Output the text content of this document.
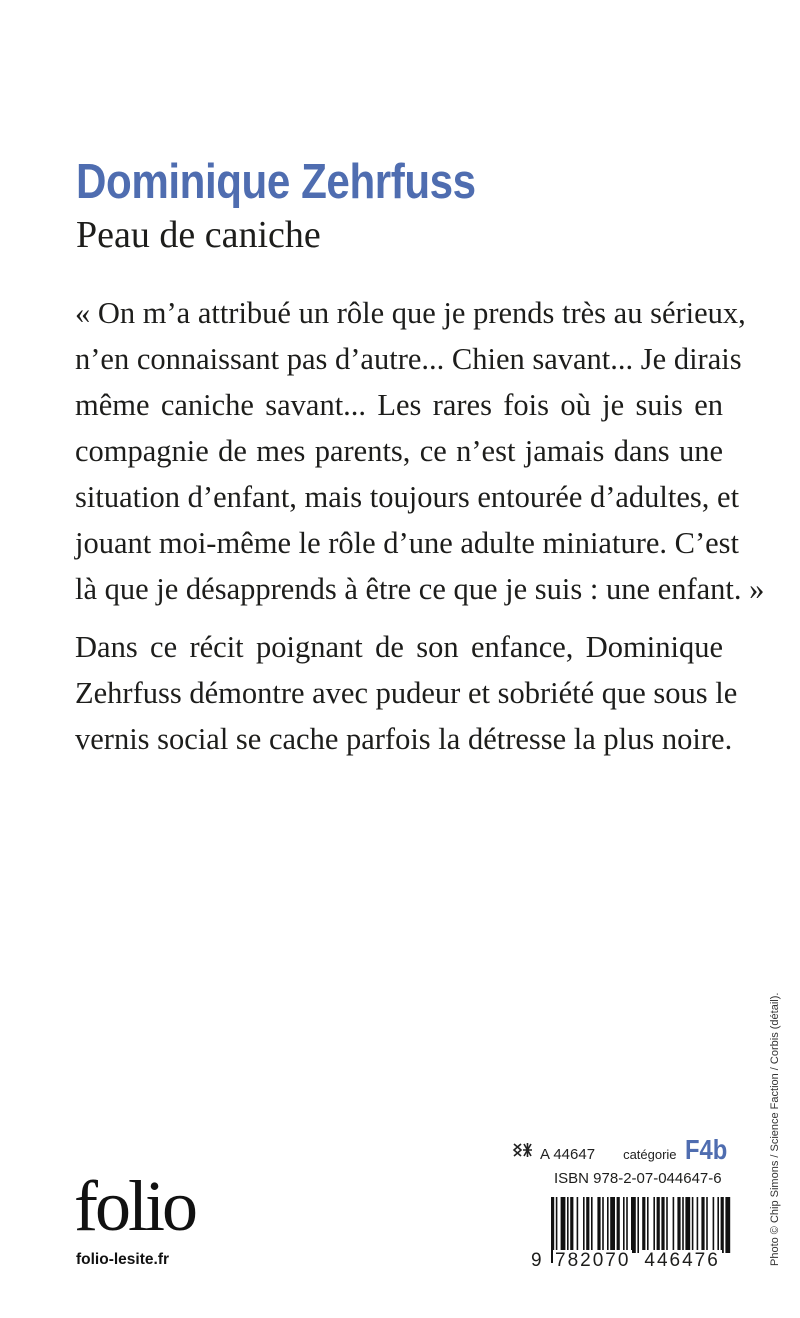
Dominique Zehrfuss
Peau de caniche
« On m’a attribué un rôle que je prends très au sérieux,
n’en connaissant pas d’autre... Chien savant... Je dirais
même caniche savant... Les rares fois où je suis en
compagnie de mes parents, ce n’est jamais dans une
situation d’enfant, mais toujours entourée d’adultes, et
jouant moi-même le rôle d’une adulte miniature. C’est
là que je désapprends à être ce que je suis : une enfant. »
Dans ce récit poignant de son enfance, Dominique
Zehrfuss démontre avec pudeur et sobriété que sous le
vernis social se cache parfois la détresse la plus noire.
Photo © Chip Simons / Science Faction / Corbis (détail).
folio
folio-lesite.fr
A 44647 catégorie F4b
ISBN 978-2-07-044647-6
9 782070 446476
